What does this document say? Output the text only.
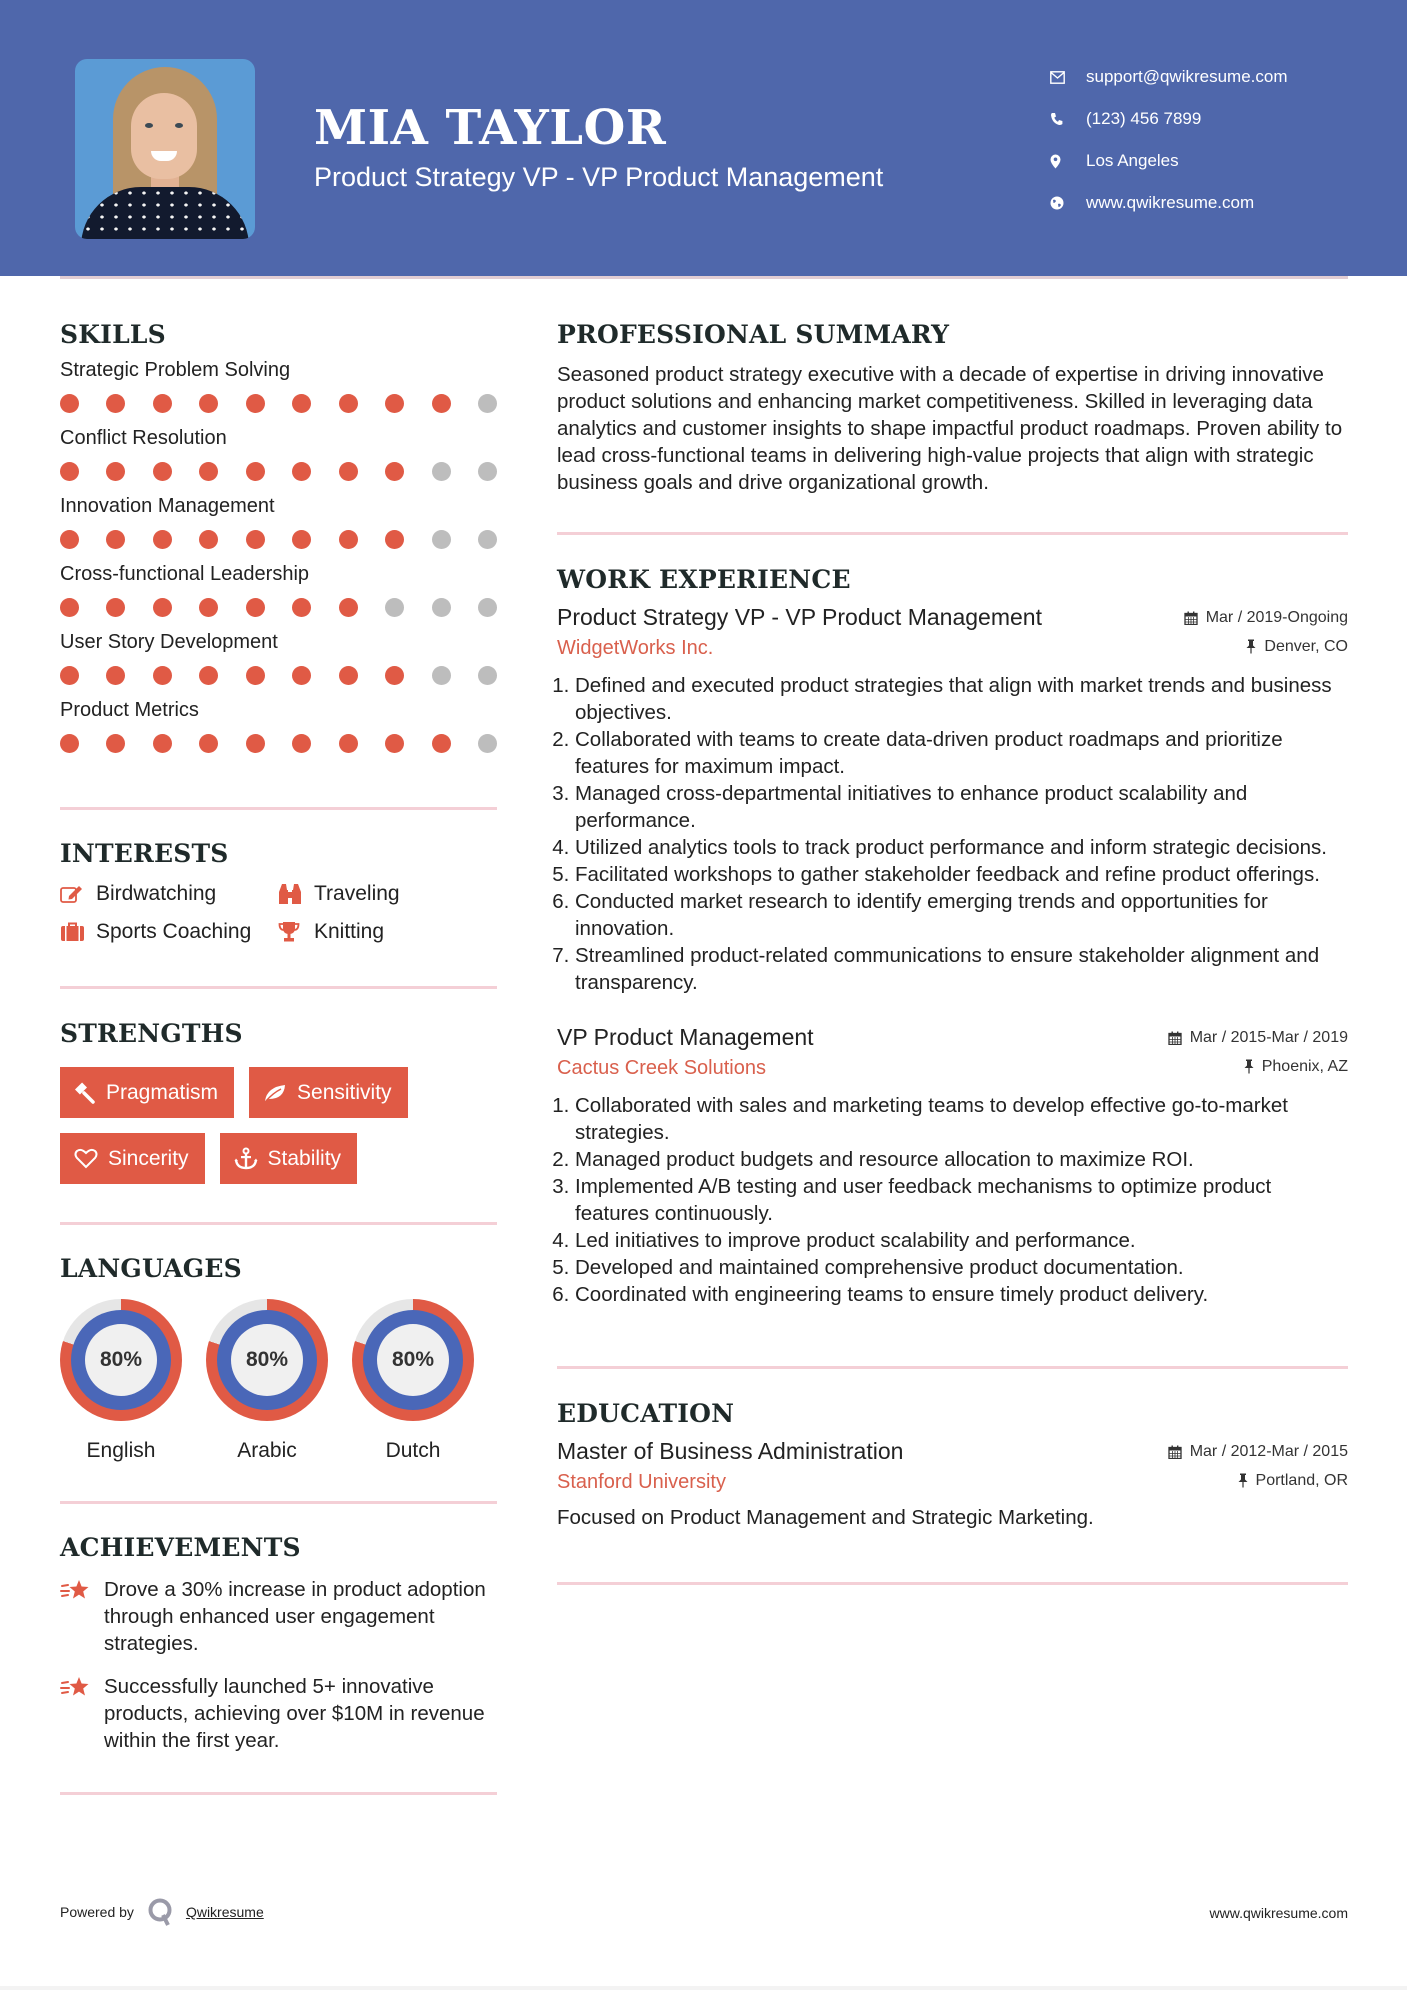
MIA TAYLOR
Product Strategy VP - VP Product Management
support@qwikresume.com
(123) 456 7899
Los Angeles
www.qwikresume.com
SKILLS
Strategic Problem Solving
Conflict Resolution
Innovation Management
Cross-functional Leadership
User Story Development
Product Metrics
INTERESTS
Birdwatching	Traveling
Sports Coaching	Knitting
STRENGTHS
Pragmatism	Sensitivity
Sincerity	Stability
LANGUAGES
80%
English
80%
Arabic
80%
Dutch
ACHIEVEMENTS
Drove a 30% increase in product adoption through enhanced user engagement strategies.
Successfully launched 5+ innovative products, achieving over $10M in revenue within the first year.
PROFESSIONAL SUMMARY

Seasoned product strategy executive with a decade of expertise in driving innovative product solutions and enhancing market competitiveness. Skilled in leveraging data analytics and customer insights to shape impactful product roadmaps. Proven ability to lead cross-functional teams in delivering high-value projects that align with strategic business goals and drive organizational growth.

WORK EXPERIENCE
Product Strategy VP - VP Product Management	Mar / 2019-Ongoing
WidgetWorks Inc.	Denver, CO
1. Defined and executed product strategies that align with market trends and business objectives.
2. Collaborated with teams to create data-driven product roadmaps and prioritize features for maximum impact.
3. Managed cross-departmental initiatives to enhance product scalability and performance.
4. Utilized analytics tools to track product performance and inform strategic decisions.
5. Facilitated workshops to gather stakeholder feedback and refine product offerings.
6. Conducted market research to identify emerging trends and opportunities for innovation.
7. Streamlined product-related communications to ensure stakeholder alignment and transparency.
VP Product Management	Mar / 2015-Mar / 2019
Cactus Creek Solutions	Phoenix, AZ
1. Collaborated with sales and marketing teams to develop effective go-to-market strategies.
2. Managed product budgets and resource allocation to maximize ROI.
3. Implemented A/B testing and user feedback mechanisms to optimize product features continuously.
4. Led initiatives to improve product scalability and performance.
5. Developed and maintained comprehensive product documentation.
6. Coordinated with engineering teams to ensure timely product delivery.
EDUCATION
Master of Business Administration	Mar / 2012-Mar / 2015
Stanford University	Portland, OR

Focused on Product Management and Strategic Marketing.

Powered by	Qwikresume	www.qwikresume.com
